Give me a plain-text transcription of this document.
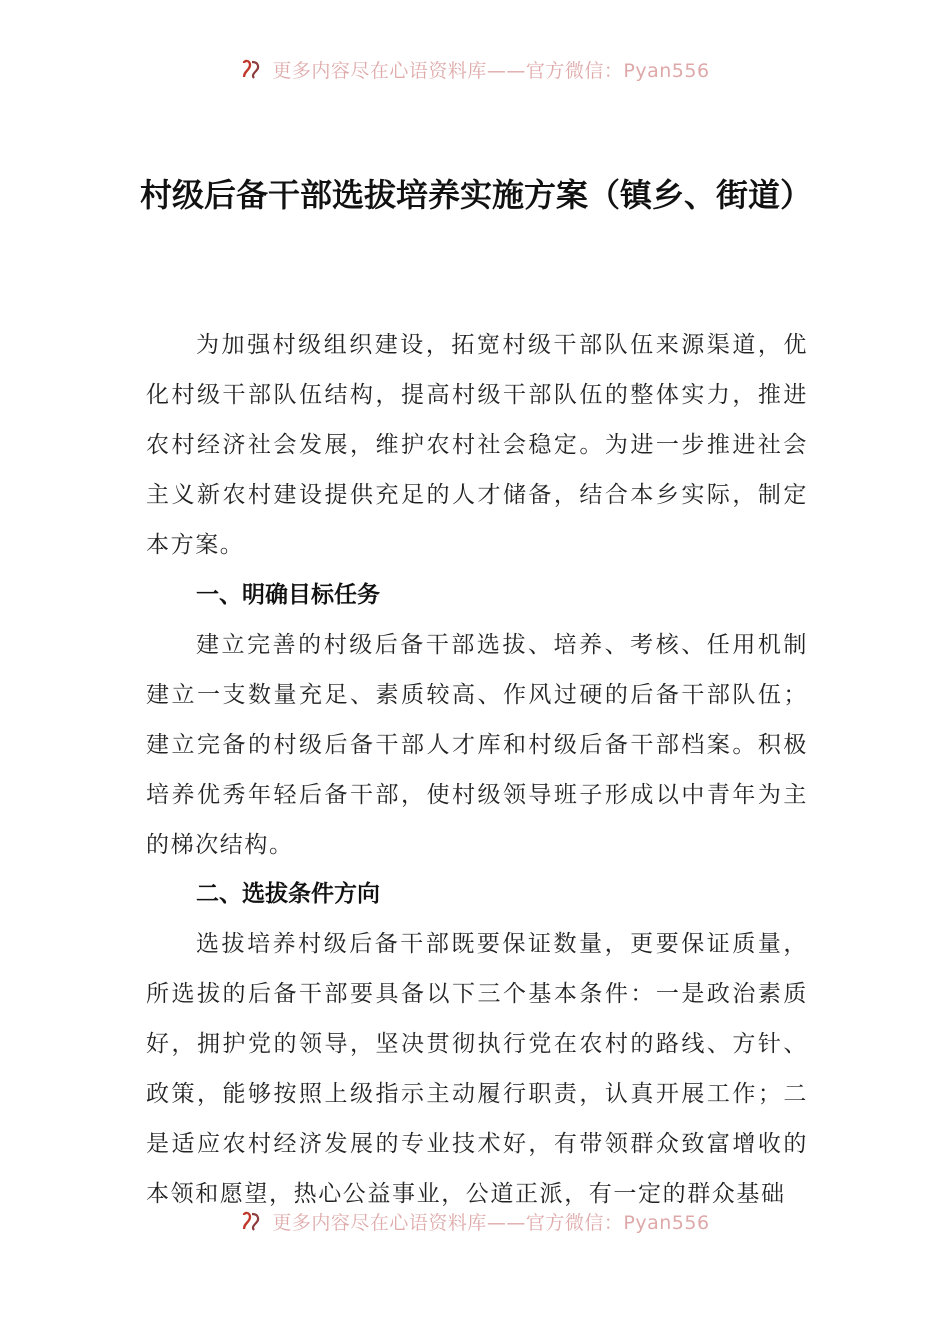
更多内容尽在心语资料库——官方微信：Pyan556
村级后备干部选拔培养实施方案（镇乡、街道）

为加强村级组织建设，拓宽村级干部队伍来源渠道，优化村级干部队伍结构，提高村级干部队伍的整体实力，推进农村经济社会发展，维护农村社会稳定。为进一步推进社会主义新农村建设提供充足的人才储备，结合本乡实际，制定本方案。

一、明确目标任务

建立完善的村级后备干部选拔、培养、考核、任用机制建立一支数量充足、素质较高、作风过硬的后备干部队伍；建立完备的村级后备干部人才库和村级后备干部档案。积极培养优秀年轻后备干部，使村级领导班子形成以中青年为主的梯次结构。

二、选拔条件方向

选拔培养村级后备干部既要保证数量，更要保证质量，所选拔的后备干部要具备以下三个基本条件：一是政治素质好，拥护党的领导，坚决贯彻执行党在农村的路线、方针、政策，能够按照上级指示主动履行职责，认真开展工作；二是适应农村经济发展的专业技术好，有带领群众致富增收的本领和愿望，热心公益事业，公道正派，有一定的群众基础

更多内容尽在心语资料库——官方微信：Pyan556
